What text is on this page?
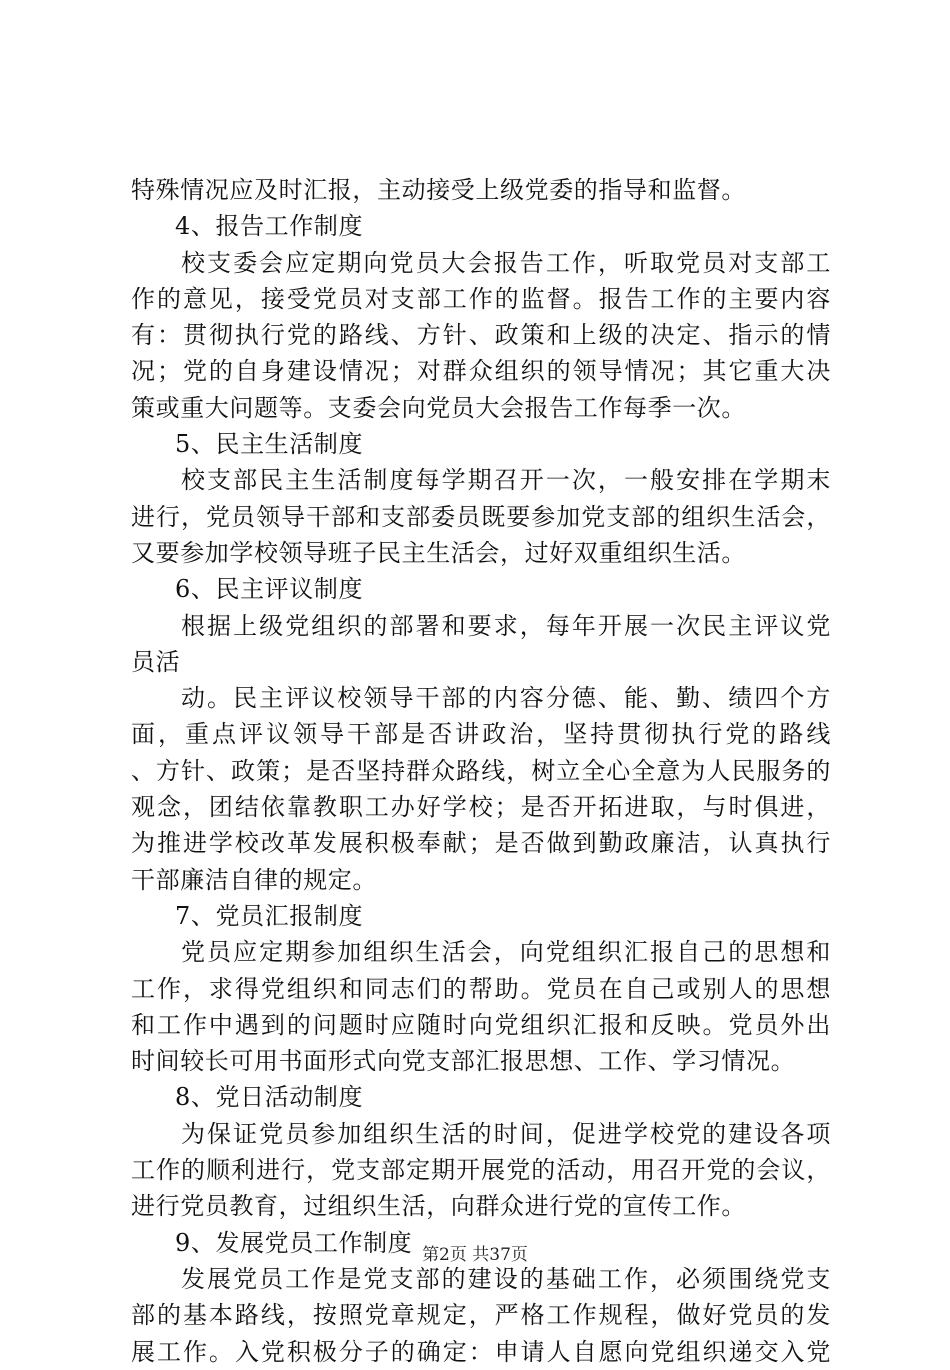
特殊情况应及时汇报，主动接受上级党委的指导和监督。
4、报告工作制度
校支委会应定期向党员大会报告工作，听取党员对支部工
作的意见，接受党员对支部工作的监督。报告工作的主要内容
有：贯彻执行党的路线、方针、政策和上级的决定、指示的情
况；党的自身建设情况；对群众组织的领导情况；其它重大决
策或重大问题等。支委会向党员大会报告工作每季一次。
5、民主生活制度
校支部民主生活制度每学期召开一次，一般安排在学期末
进行，党员领导干部和支部委员既要参加党支部的组织生活会，
又要参加学校领导班子民主生活会，过好双重组织生活。
6、民主评议制度
根据上级党组织的部署和要求，每年开展一次民主评议党
员活
动。民主评议校领导干部的内容分德、能、勤、绩四个方
面，重点评议领导干部是否讲政治，坚持贯彻执行党的路线
、方针、政策；是否坚持群众路线，树立全心全意为人民服务的
观念，团结依靠教职工办好学校；是否开拓进取，与时俱进，
为推进学校改革发展积极奉献；是否做到勤政廉洁，认真执行
干部廉洁自律的规定。
7、党员汇报制度
党员应定期参加组织生活会，向党组织汇报自己的思想和
工作，求得党组织和同志们的帮助。党员在自己或别人的思想
和工作中遇到的问题时应随时向党组织汇报和反映。党员外出
时间较长可用书面形式向党支部汇报思想、工作、学习情况。
8、党日活动制度
为保证党员参加组织生活的时间，促进学校党的建设各项
工作的顺利进行，党支部定期开展党的活动，用召开党的会议，
进行党员教育，过组织生活，向群众进行党的宣传工作。
9、发展党员工作制度
发展党员工作是党支部的建设的基础工作，必须围绕党支
部的基本路线，按照党章规定，严格工作规程，做好党员的发
展工作。入党积极分子的确定：申请人自愿向党组织递交入党
第2页 共37页
